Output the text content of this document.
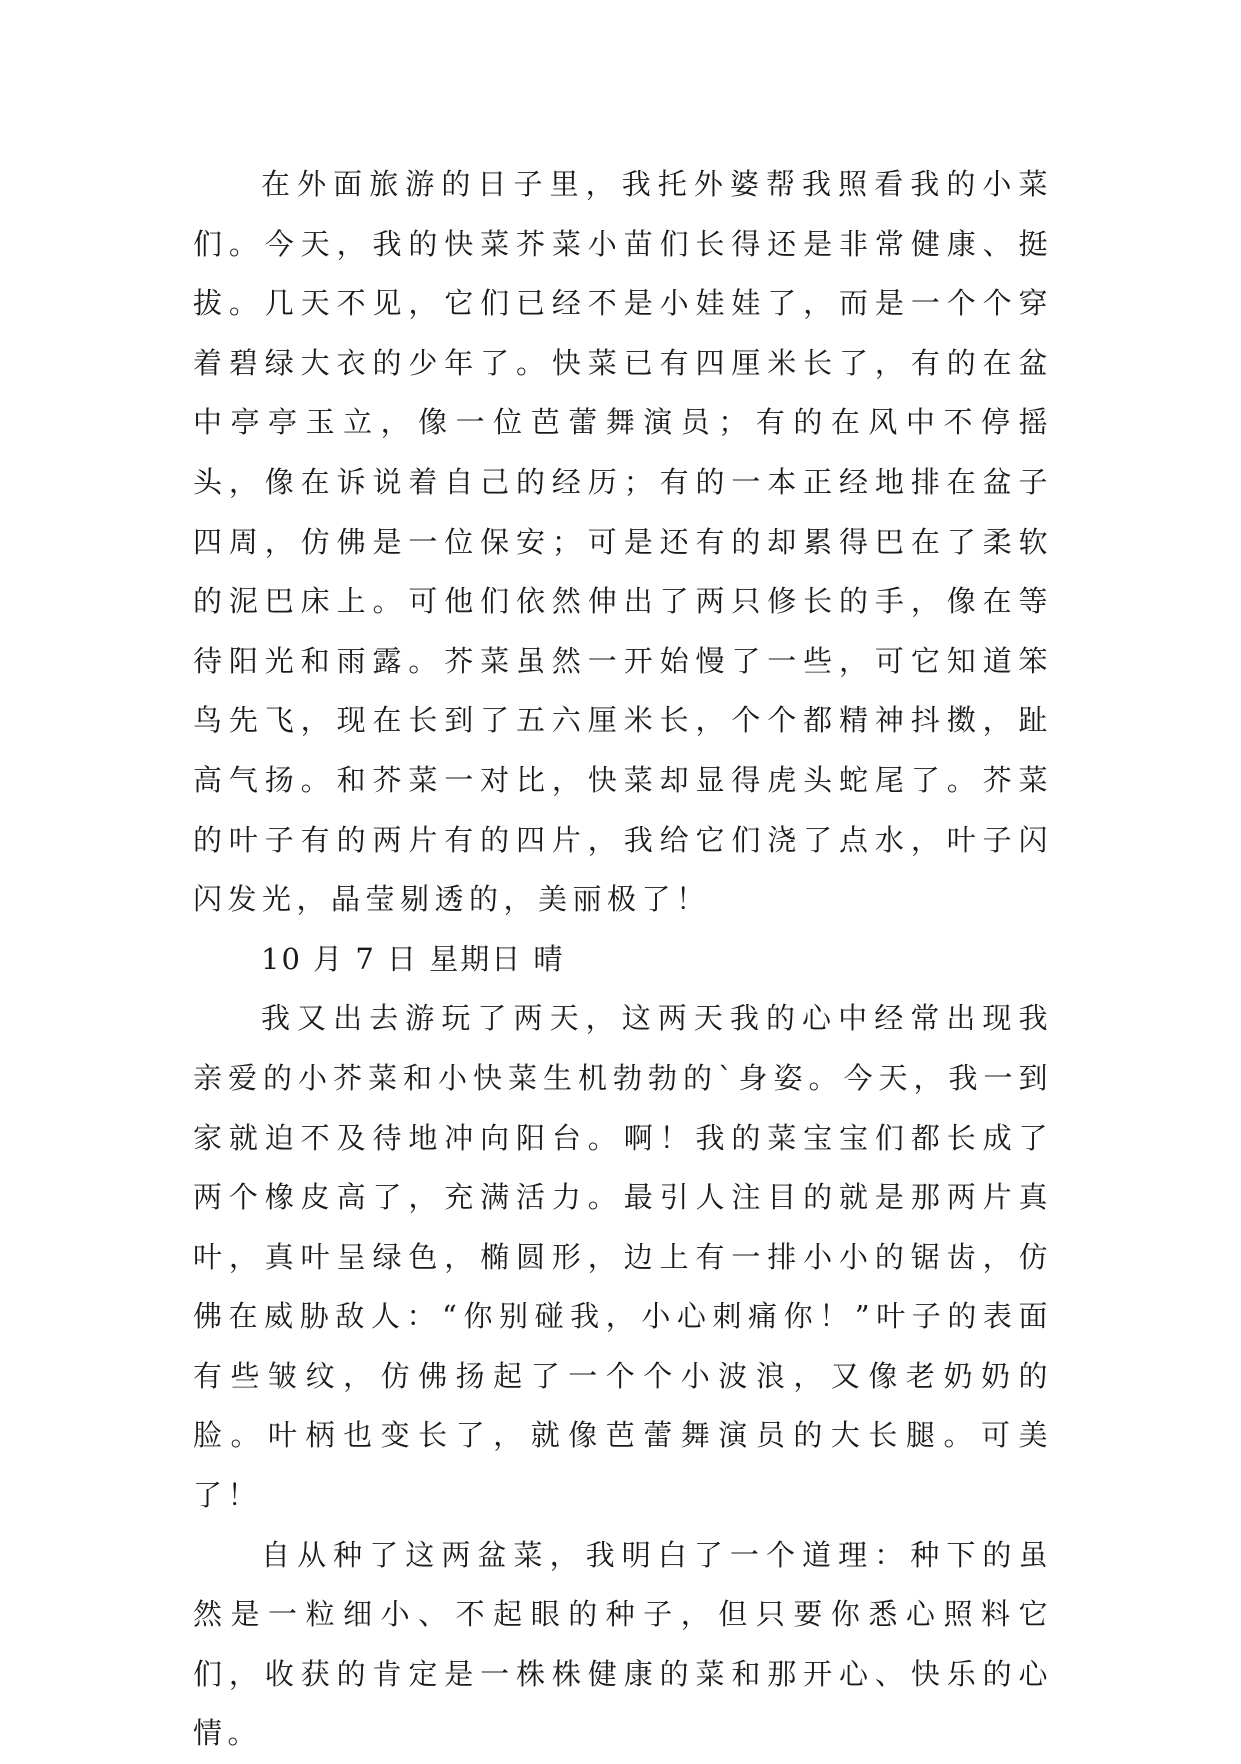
在外面旅游的日子里，我托外婆帮我照看我的小菜们。今天，我的快菜芥菜小苗们长得还是非常健康、挺拔。几天不见，它们已经不是小娃娃了，而是一个个穿着碧绿大衣的少年了。快菜已有四厘米长了，有的在盆中亭亭玉立，像一位芭蕾舞演员；有的在风中不停摇头，像在诉说着自己的经历；有的一本正经地排在盆子四周，仿佛是一位保安；可是还有的却累得巴在了柔软的泥巴床上。可他们依然伸出了两只修长的手，像在等待阳光和雨露。芥菜虽然一开始慢了一些，可它知道笨鸟先飞，现在长到了五六厘米长，个个都精神抖擞，趾高气扬。和芥菜一对比，快菜却显得虎头蛇尾了。芥菜的叶子有的两片有的四片，我给它们浇了点水，叶子闪闪发光，晶莹剔透的，美丽极了！

10 月 7 日 星期日 晴

我又出去游玩了两天，这两天我的心中经常出现我亲爱的小芥菜和小快菜生机勃勃的`身姿。今天，我一到家就迫不及待地冲向阳台。啊！我的菜宝宝们都长成了两个橡皮高了，充满活力。最引人注目的就是那两片真叶，真叶呈绿色，椭圆形，边上有一排小小的锯齿，仿佛在威胁敌人：“你别碰我，小心刺痛你！”叶子的表面有些皱纹，仿佛扬起了一个个小波浪，又像老奶奶的脸。叶柄也变长了，就像芭蕾舞演员的大长腿。可美了！

自从种了这两盆菜，我明白了一个道理：种下的虽然是一粒细小、不起眼的种子，但只要你悉心照料它们，收获的肯定是一株株健康的菜和那开心、快乐的心情。
